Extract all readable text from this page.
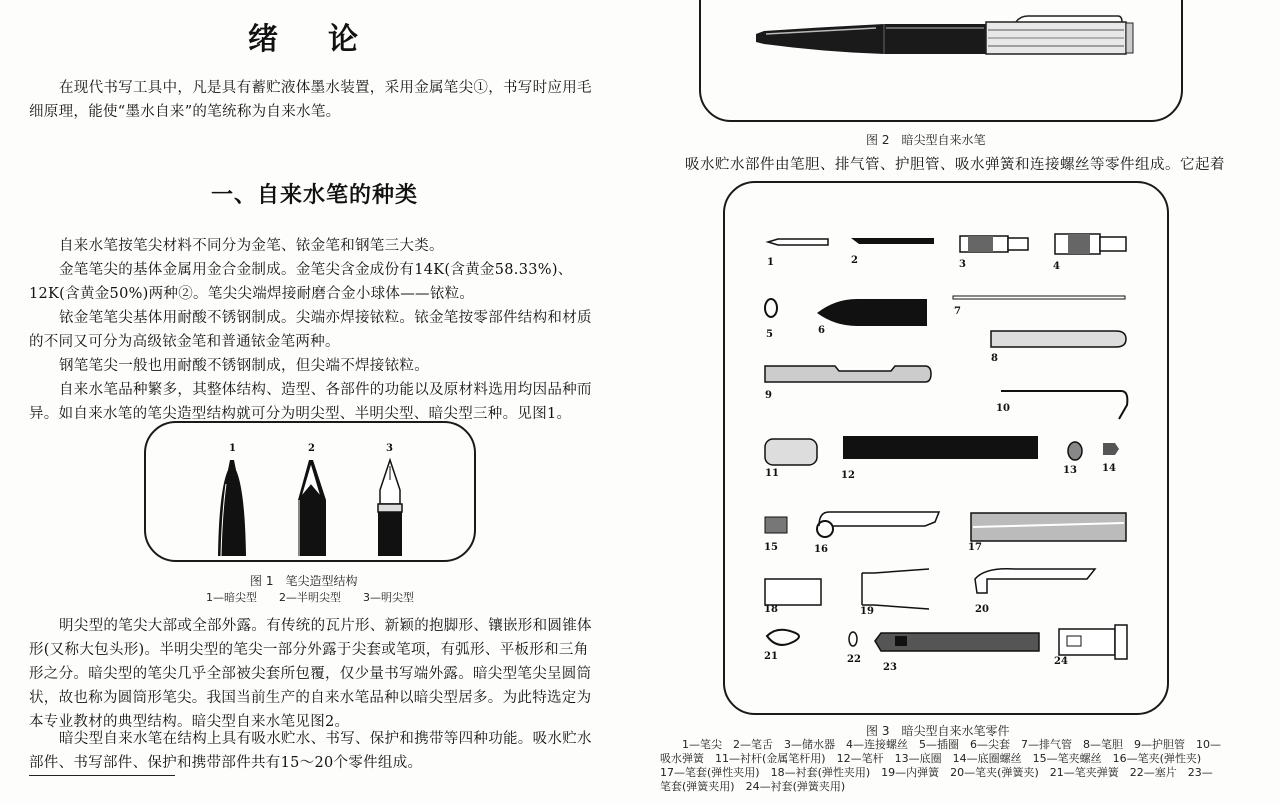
绪论
在现代书写工具中，凡是具有蓄贮液体墨水装置，采用金属笔尖①，书写时应用毛细原理，能使“墨水自来”的笔统称为自来水笔。
一、自来水笔的种类
自来水笔按笔尖材料不同分为金笔、铱金笔和钢笔三大类。
金笔笔尖的基体金属用金合金制成。金笔尖含金成份有14K(含黄金58.33%)、12K(含黄金50%)两种②。笔尖尖端焊接耐磨合金小球体——铱粒。
铱金笔笔尖基体用耐酸不锈钢制成。尖端亦焊接铱粒。铱金笔按零部件结构和材质的不同又可分为高级铱金笔和普通铱金笔两种。
钢笔笔尖一般也用耐酸不锈钢制成，但尖端不焊接铱粒。
自来水笔品种繁多，其整体结构、造型、各部件的功能以及原材料选用均因品种而异。如自来水笔的笔尖造型结构就可分为明尖型、半明尖型、暗尖型三种。见图1。
1	2	3
图 1　笔尖造型结构
1—暗尖型　　2—半明尖型　　3—明尖型
明尖型的笔尖大部或全部外露。有传统的瓦片形、新颖的抱脚形、镶嵌形和圆锥体形(又称大包头形)。半明尖型的笔尖一部分外露于尖套或笔项，有弧形、平板形和三角形之分。暗尖型的笔尖几乎全部被尖套所包覆，仅少量书写端外露。暗尖型笔尖呈圆筒状，故也称为圆筒形笔尖。我国当前生产的自来水笔品种以暗尖型居多。为此特选定为本专业教材的典型结构。暗尖型自来水笔见图2。
暗尖型自来水笔在结构上具有吸水贮水、书写、保护和携带等四种功能。吸水贮水部件、书写部件、保护和携带部件共有15～20个零件组成。
图 2　暗尖型自来水笔
吸水贮水部件由笔胆、排气管、护胆管、吸水弹簧和连接螺丝等零件组成。它起着
1	2	3	4
5	6
7
8
9
10
11	12	13	14
15	16	17
18	19	20
21	22
23
24
图 3　暗尖型自来水笔零件
1—笔尖　2—笔舌　3—储水器　4—连接螺丝　5—插圈　6—尖套　7—排气管　8—笔胆　9—护胆管　10—
吸水弹簧　11—衬杆(金属笔杆用)　12—笔杆　13—底圈　14—底圈螺丝　15—笔夹螺丝　16—笔夹(弹性夹)
17—笔套(弹性夹用)　18—衬套(弹性夹用)　19—内弹簧　20—笔夹(弹簧夹)　21—笔夹弹簧　22—塞片　23—
笔套(弹簧夹用)　24—衬套(弹簧夹用)
